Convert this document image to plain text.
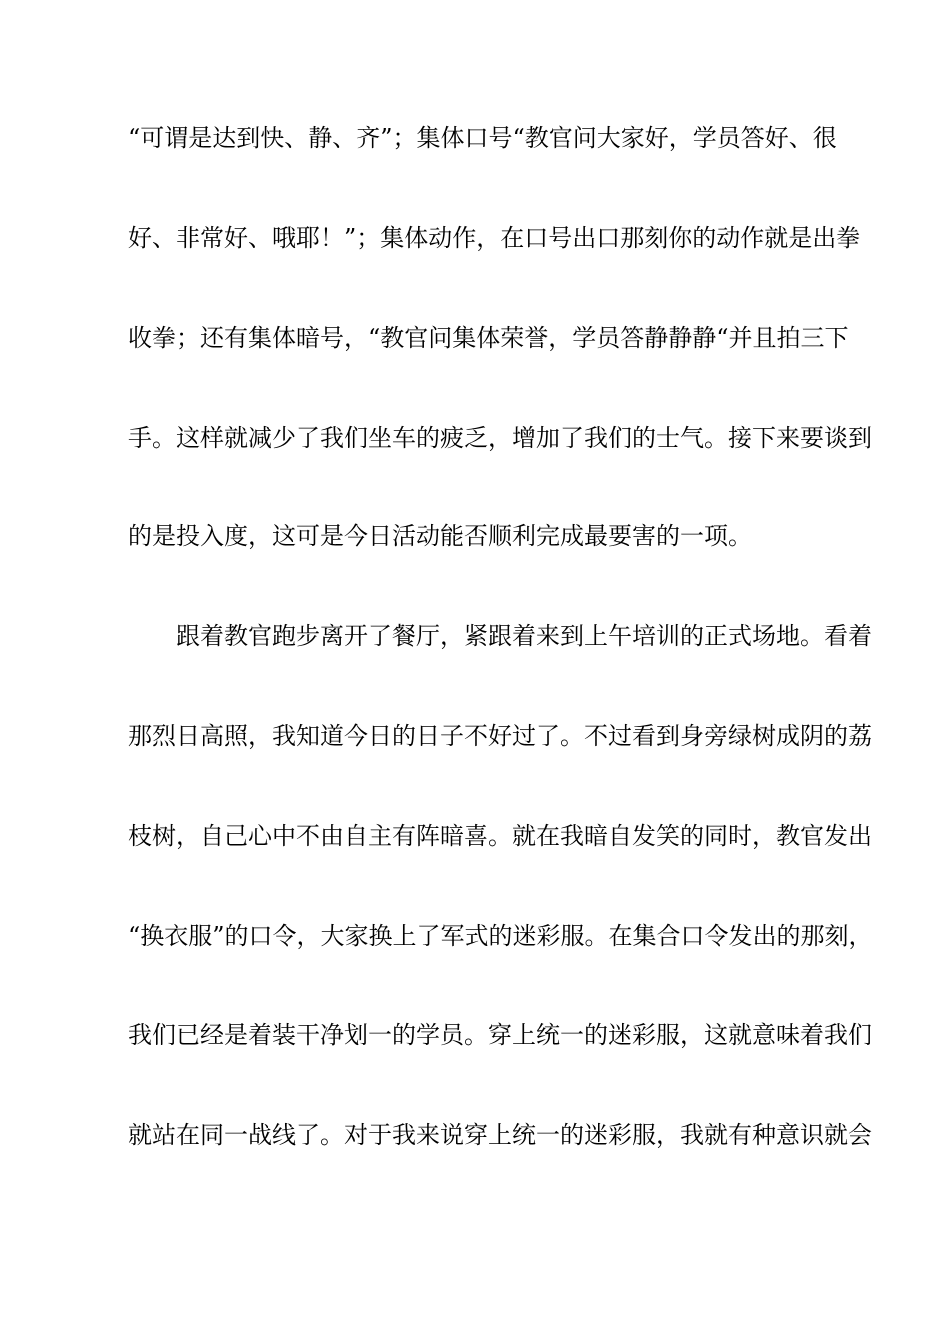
“可谓是达到快、静、齐”；集体口号“教官问大家好，学员答好、很
好、非常好、哦耶！”；集体动作，在口号出口那刻你的动作就是出拳
收拳；还有集体暗号，“教官问集体荣誉，学员答静静静“并且拍三下
手。这样就减少了我们坐车的疲乏，增加了我们的士气。接下来要谈到
的是投入度，这可是今日活动能否顺利完成最要害的一项。
跟着教官跑步离开了餐厅，紧跟着来到上午培训的正式场地。看着
那烈日高照，我知道今日的日子不好过了。不过看到身旁绿树成阴的荔
枝树，自己心中不由自主有阵暗喜。就在我暗自发笑的同时，教官发出
“换衣服”的口令，大家换上了军式的迷彩服。在集合口令发出的那刻，
我们已经是着装干净划一的学员。穿上统一的迷彩服，这就意味着我们
就站在同一战线了。对于我来说穿上统一的迷彩服，我就有种意识就会
